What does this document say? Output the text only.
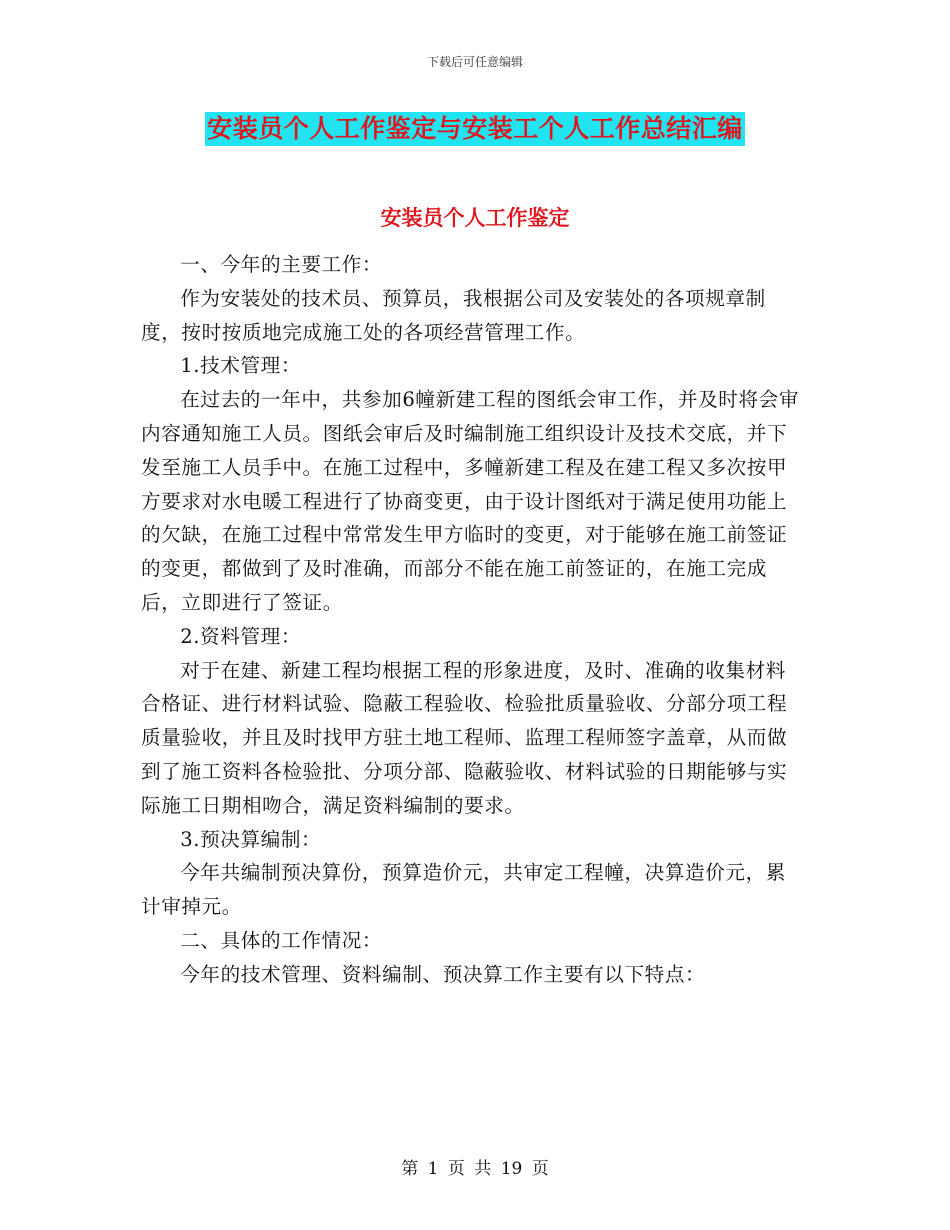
下载后可任意编辑
安装员个人工作鉴定与安装工个人工作总结汇编
安装员个人工作鉴定

一、今年的主要工作：

作为安装处的技术员、预算员，我根据公司及安装处的各项规章制度，按时按质地完成施工处的各项经营管理工作。

1.技术管理：

在过去的一年中，共参加6幢新建工程的图纸会审工作，并及时将会审内容通知施工人员。图纸会审后及时编制施工组织设计及技术交底，并下发至施工人员手中。在施工过程中，多幢新建工程及在建工程又多次按甲方要求对水电暖工程进行了协商变更，由于设计图纸对于满足使用功能上的欠缺，在施工过程中常常发生甲方临时的变更，对于能够在施工前签证的变更，都做到了及时准确，而部分不能在施工前签证的，在施工完成后，立即进行了签证。

2.资料管理：

对于在建、新建工程均根据工程的形象进度，及时、准确的收集材料合格证、进行材料试验、隐蔽工程验收、检验批质量验收、分部分项工程质量验收，并且及时找甲方驻土地工程师、监理工程师签字盖章，从而做到了施工资料各检验批、分项分部、隐蔽验收、材料试验的日期能够与实际施工日期相吻合，满足资料编制的要求。

3.预决算编制：

今年共编制预决算份，预算造价元，共审定工程幢，决算造价元，累计审掉元。

二、具体的工作情况：

今年的技术管理、资料编制、预决算工作主要有以下特点：

第 1 页 共 19 页
